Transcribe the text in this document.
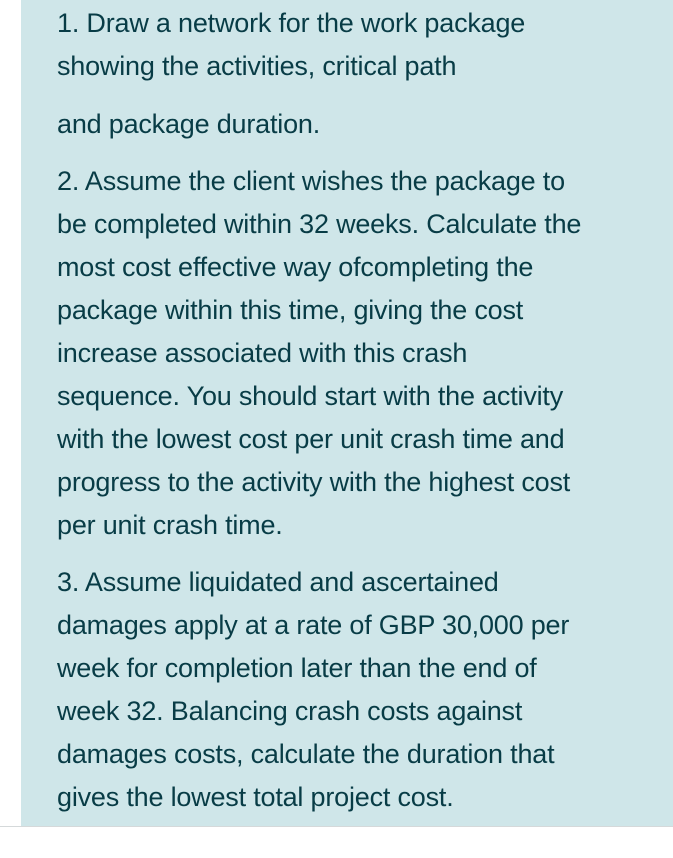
1. Draw a network for the work package
showing the activities, critical path

and package duration.

2. Assume the client wishes the package to
be completed within 32 weeks. Calculate the
most cost effective way ofcompleting the
package within this time, giving the cost
increase associated with this crash
sequence. You should start with the activity
with the lowest cost per unit crash time and
progress to the activity with the highest cost
per unit crash time.

3. Assume liquidated and ascertained
damages apply at a rate of GBP 30,000 per
week for completion later than the end of
week 32. Balancing crash costs against
damages costs, calculate the duration that
gives the lowest total project cost.
